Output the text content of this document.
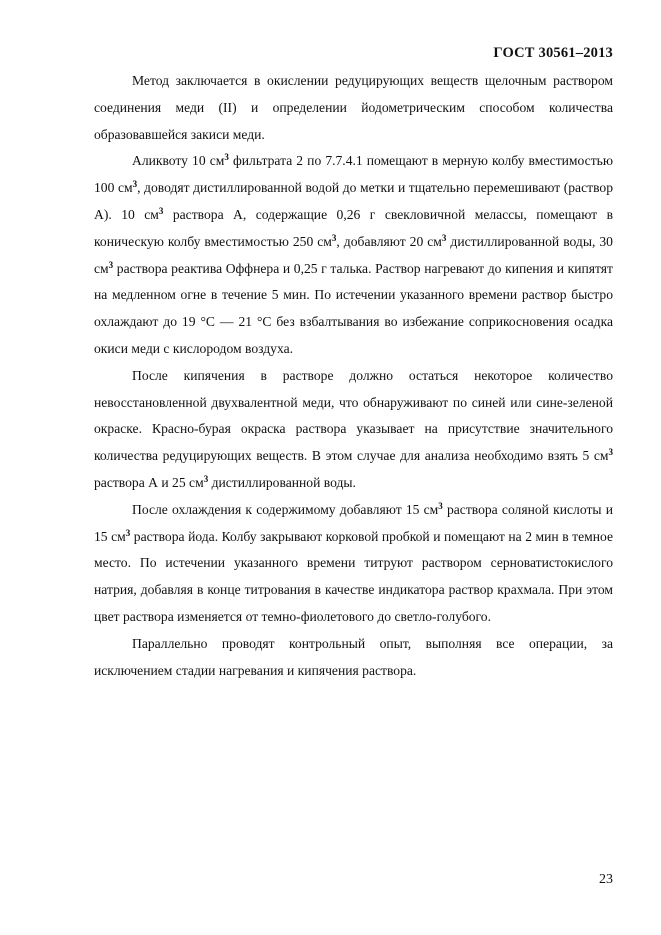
ГОСТ 30561–2013

Метод заключается в окислении редуцирующих веществ щелочным раствором соединения меди (II) и определении йодометрическим способом количества образовавшейся закиси меди.

Аликвоту 10 $см^3$ фильтрата 2 по 7.7.4.1 помещают в мерную колбу вместимостью 100 $см^3$, доводят дистиллированной водой до метки и тщательно перемешивают (раствор А). 10 $см^3$ раствора А, содержащие 0,26 г свекловичной мелассы, помещают в коническую колбу вместимостью 250 $см^3$, добавляют 20 $см^3$ дистиллированной воды, 30 $см^3$ раствора реактива Оффнера и 0,25 г талька. Раствор нагревают до кипения и кипятят на медленном огне в течение 5 мин. По истечении указанного времени раствор быстро охлаждают до 19 °С — 21 °С без взбалтывания во избежание соприкосновения осадка окиси меди с кислородом воздуха.

После кипячения в растворе должно остаться некоторое количество невосстановленной двухвалентной меди, что обнаруживают по синей или сине-зеленой окраске. Красно-бурая окраска раствора указывает на присутствие значительного количества редуцирующих веществ. В этом случае для анализа необходимо взять 5 $см^3$ раствора А и 25 $см^3$ дистиллированной воды.

После охлаждения к содержимому добавляют 15 $см^3$ раствора соляной кислоты и 15 $см^3$ раствора йода. Колбу закрывают корковой пробкой и помещают на 2 мин в темное место. По истечении указанного времени титруют раствором серноватистокислого натрия, добавляя в конце титрования в качестве индикатора раствор крахмала. При этом цвет раствора изменяется от темно-фиолетового до светло-голубого.

Параллельно проводят контрольный опыт, выполняя все операции, за исключением стадии нагревания и кипячения раствора.

23
